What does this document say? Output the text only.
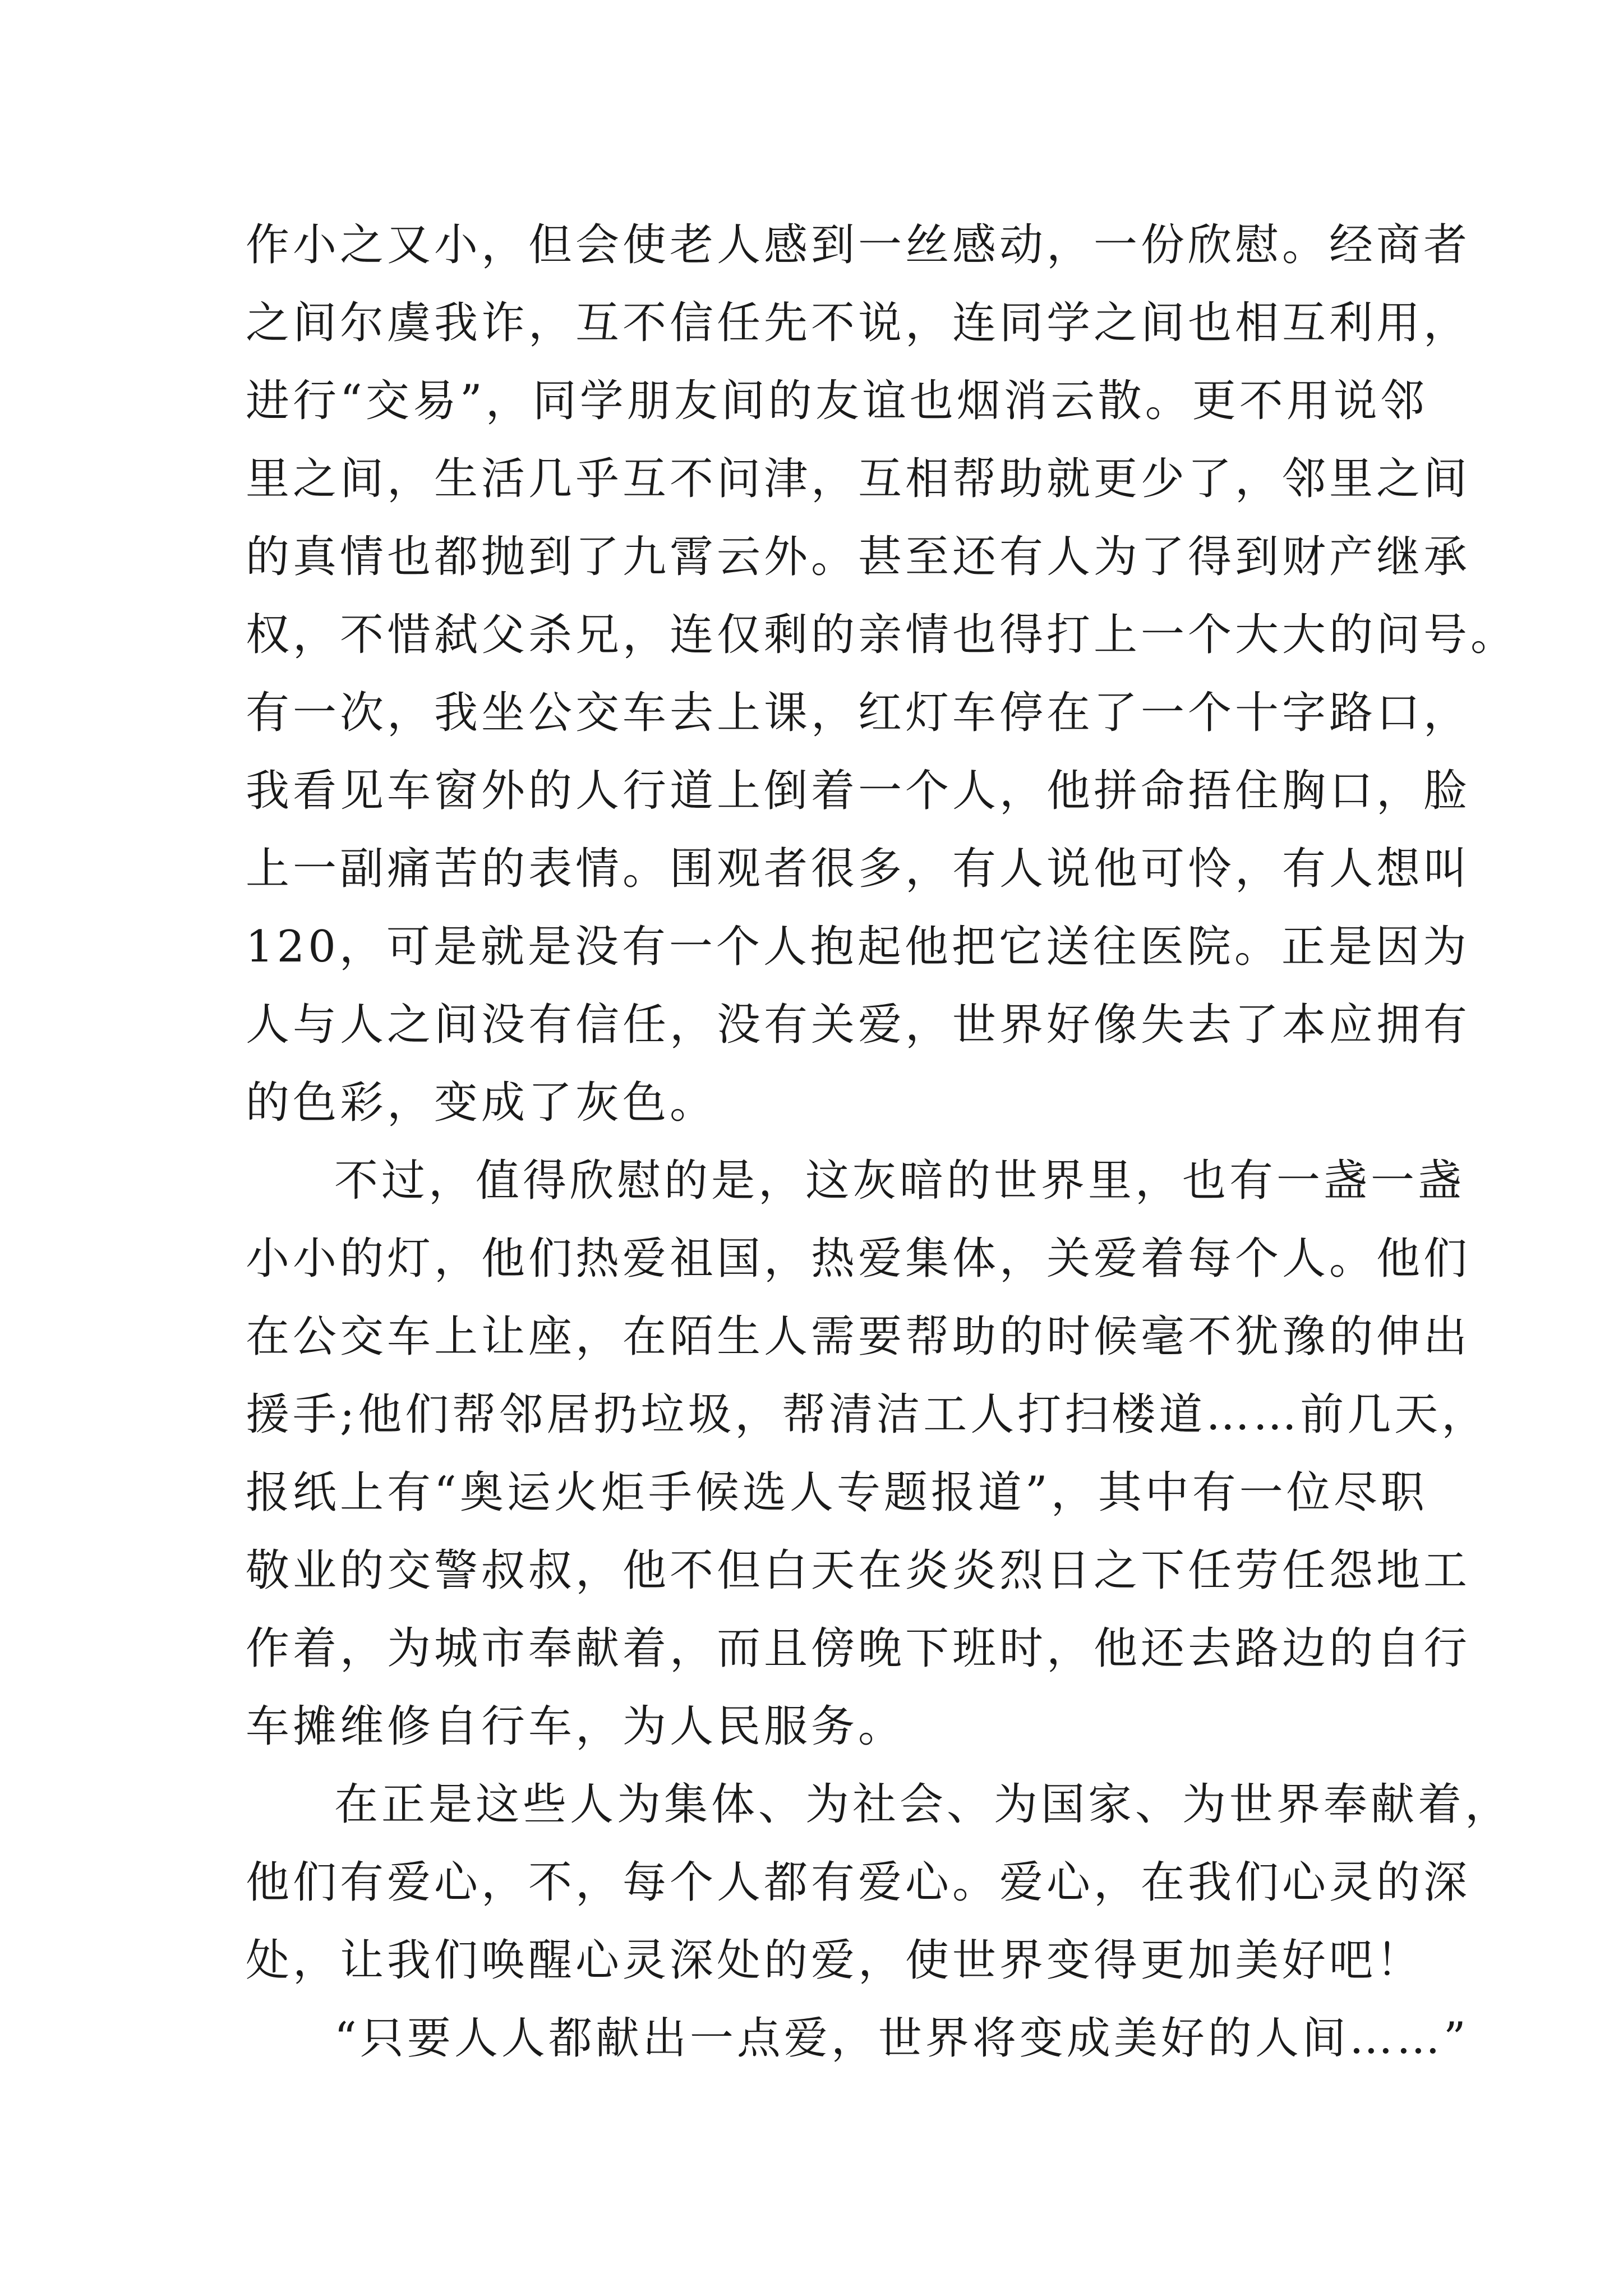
作小之又小，但会使老人感到一丝感动，一份欣慰。经商者
之间尔虞我诈，互不信任先不说，连同学之间也相互利用，
进行“交易”，同学朋友间的友谊也烟消云散。更不用说邻
里之间，生活几乎互不问津，互相帮助就更少了，邻里之间
的真情也都抛到了九霄云外。甚至还有人为了得到财产继承
权，不惜弑父杀兄，连仅剩的亲情也得打上一个大大的问号。
有一次，我坐公交车去上课，红灯车停在了一个十字路口，
我看见车窗外的人行道上倒着一个人，他拼命捂住胸口，脸
上一副痛苦的表情。围观者很多，有人说他可怜，有人想叫
120，可是就是没有一个人抱起他把它送往医院。正是因为
人与人之间没有信任，没有关爱，世界好像失去了本应拥有
的色彩，变成了灰色。
不过，值得欣慰的是，这灰暗的世界里，也有一盏一盏
小小的灯，他们热爱祖国，热爱集体，关爱着每个人。他们
在公交车上让座，在陌生人需要帮助的时候毫不犹豫的伸出
援手;他们帮邻居扔垃圾，帮清洁工人打扫楼道……前几天，
报纸上有“奥运火炬手候选人专题报道”，其中有一位尽职
敬业的交警叔叔，他不但白天在炎炎烈日之下任劳任怨地工
作着，为城市奉献着，而且傍晚下班时，他还去路边的自行
车摊维修自行车，为人民服务。
在正是这些人为集体、为社会、为国家、为世界奉献着，
他们有爱心，不，每个人都有爱心。爱心，在我们心灵的深
处，让我们唤醒心灵深处的爱，使世界变得更加美好吧！
“只要人人都献出一点爱，世界将变成美好的人间……”
